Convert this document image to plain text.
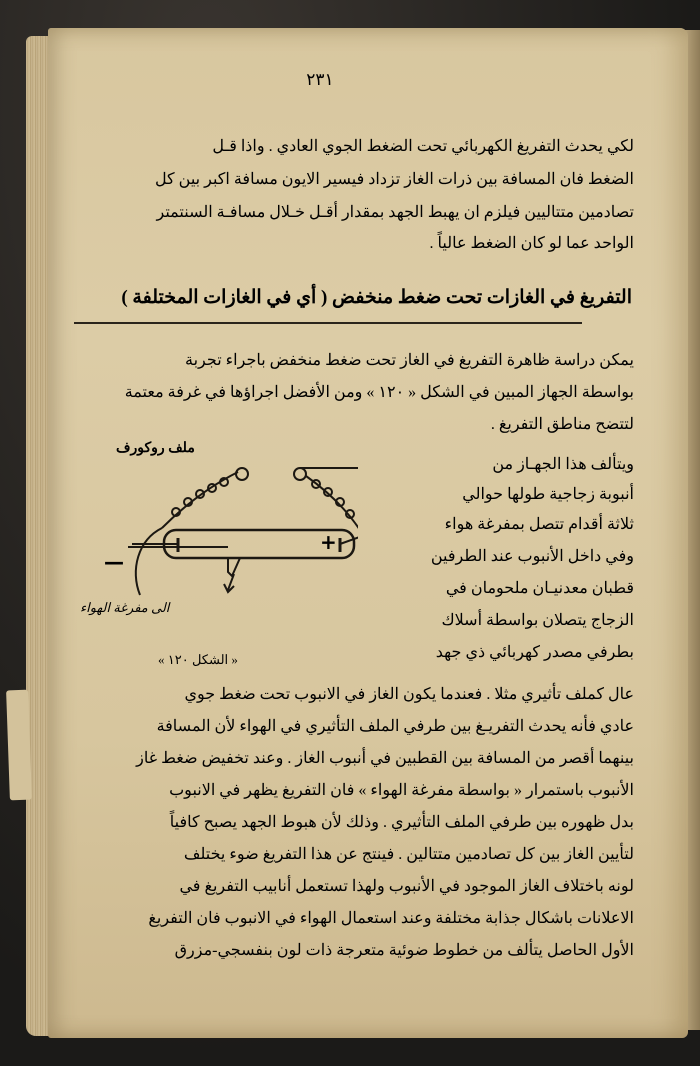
٢٣١
لكي يحدث التفريغ الكهربائي تحت الضغط الجوي العادي . واذا قـل
الضغط فان المسافة بين ذرات الغاز تزداد فيسير الايون مسافة اكبر بين كل
تصادمين متتاليين فيلزم ان يهبط الجهد بمقدار أقـل خـلال مسافـة السنتمتر
الواحد عما لو كان الضغط عالياً .
التفريغ في الغازات تحت ضغط منخفض ( أي في الغازات المختلفة )
يمكن دراسة ظاهرة التفريغ في الغاز تحت ضغط منخفض باجراء تجربة
بواسطة الجهاز المبين في الشكل « ١٢٠ » ومن الأفضل اجراؤها في غرفة معتمة
لتتضح مناطق التفريغ .
ويتألف هذا الجهـاز من
أنبوبة زجاجية طولها حوالي
ثلاثة أقدام تتصل بمفرغة هواء
وفي داخل الأنبوب عند الطرفين
قطبان معدنيـان ملحومان في
الزجاج يتصلان بواسطة أسلاك
بطرفي مصدر كهربائي ذي جهد
ملف روكورف
الى مفرغة الهواء
+
—
« الشكل ١٢٠ »
عال كملف تأثيري مثلا . فعندما يكون الغاز في الانبوب تحت ضغط جوي
عادي فأنه يحدث التفريـغ بين طرفي الملف التأثيري في الهواء لأن المسافة
بينهما أقصر من المسافة بين القطبين في أنبوب الغاز . وعند تخفيض ضغط غاز
الأنبوب باستمرار « بواسطة مفرغة الهواء » فان التفريغ يظهر في الانبوب
بدل ظهوره بين طرفي الملف التأثيري . وذلك لأن هبوط الجهد يصبح كافياً
لتأيين الغاز بين كل تصادمين متتالين . فينتج عن هذا التفريغ ضوء يختلف
لونه باختلاف الغاز الموجود في الأنبوب ولهذا تستعمل أنابيب التفريغ في
الاعلانات باشكال جذابة مختلفة وعند استعمال الهواء في الانبوب فان التفريغ
الأول الحاصل يتألف من خطوط ضوئية متعرجة ذات لون بنفسجي-مزرق
